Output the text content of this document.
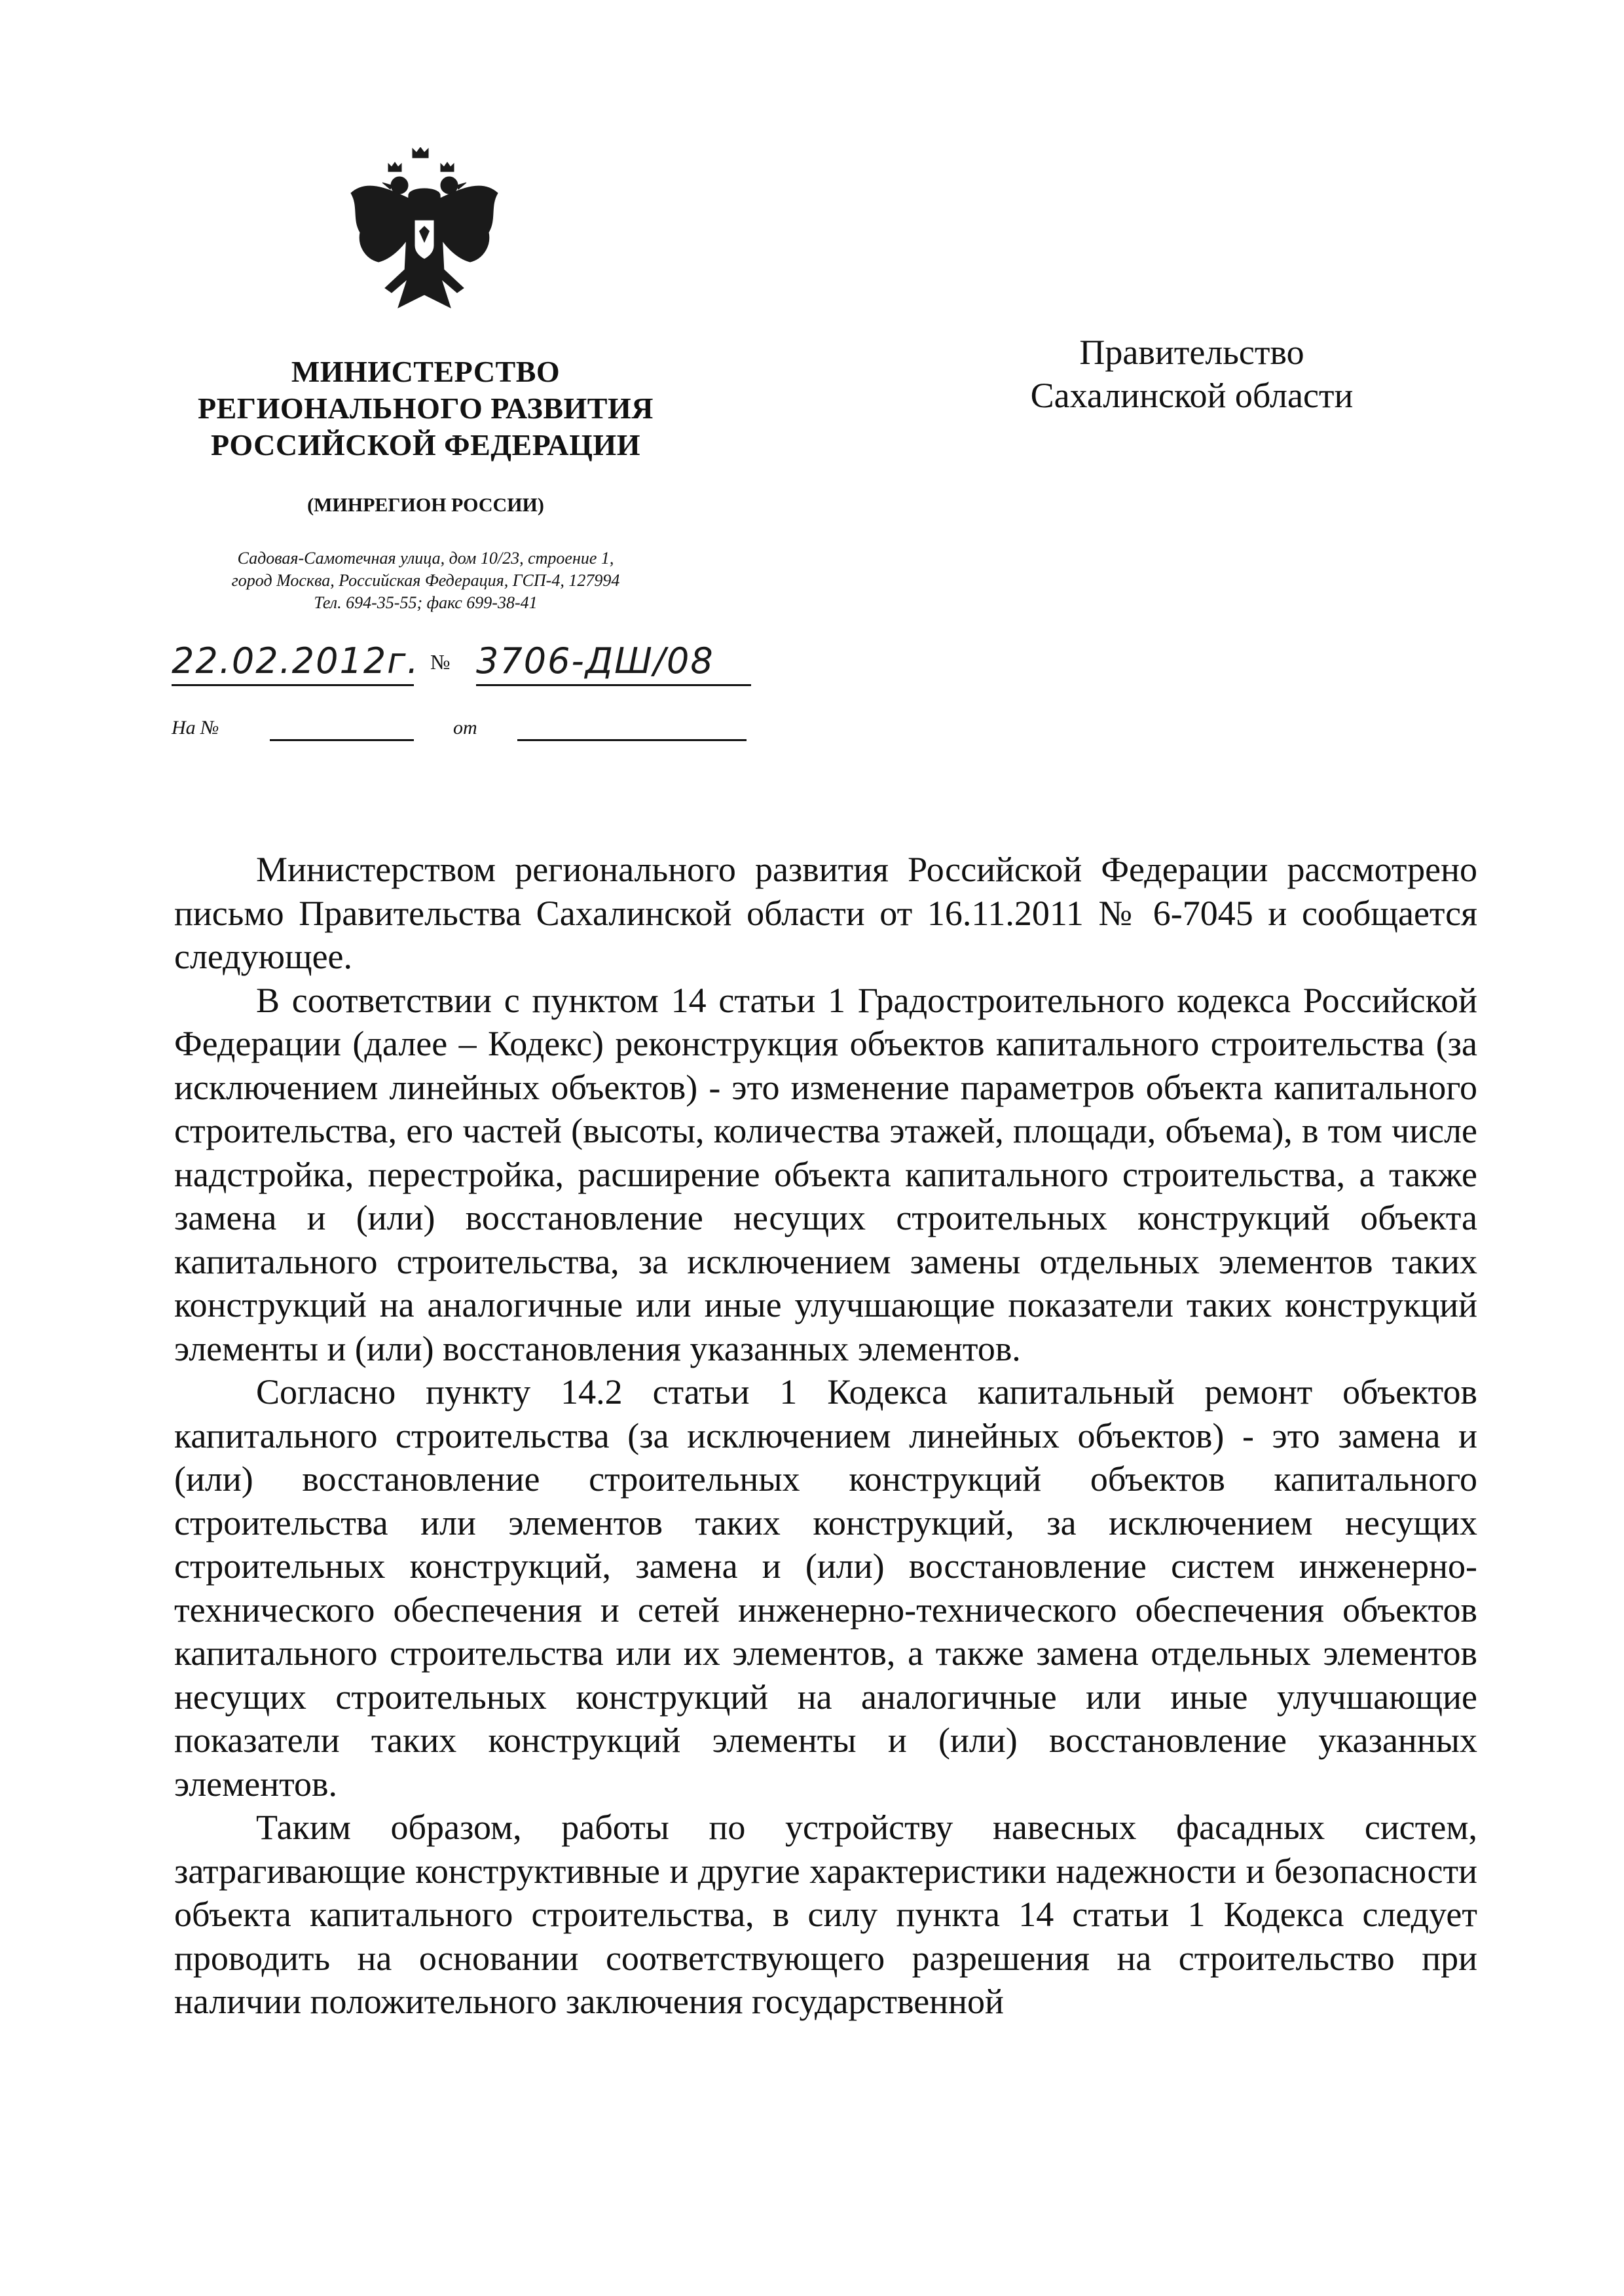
МИНИСТЕРСТВО
РЕГИОНАЛЬНОГО РАЗВИТИЯ
РОССИЙСКОЙ ФЕДЕРАЦИИ
(МИНРЕГИОН РОССИИ)
Садовая-Самотечная улица, дом 10/23, строение 1,
город Москва, Российская Федерация, ГСП-4, 127994
Тел. 694-35-55; факс 699-38-41
22.02.2012г. № 3706-ДШ/08
На №	от
Правительство
Сахалинской области

Министерством регионального развития Российской Федерации рассмотрено письмо Правительства Сахалинской области от 16.11.2011 № 6-7045 и сообщается следующее.

В соответствии с пунктом 14 статьи 1 Градостроительного кодекса Российской Федерации (далее – Кодекс) реконструкция объектов капитального строительства (за исключением линейных объектов) - это изменение параметров объекта капитального строительства, его частей (высоты, количества этажей, площади, объема), в том числе надстройка, перестройка, расширение объекта капитального строительства, а также замена и (или) восстановление несущих строительных конструкций объекта капитального строительства, за исключением замены отдельных элементов таких конструкций на аналогичные или иные улучшающие показатели таких конструкций элементы и (или) восстановления указанных элементов.

Согласно пункту 14.2 статьи 1 Кодекса капитальный ремонт объектов капитального строительства (за исключением линейных объектов) - это замена и (или) восстановление строительных конструкций объектов капитального строительства или элементов таких конструкций, за исключением несущих строительных конструкций, замена и (или) восстановление систем инженерно-технического обеспечения и сетей инженерно-технического обеспечения объектов капитального строительства или их элементов, а также замена отдельных элементов несущих строительных конструкций на аналогичные или иные улучшающие показатели таких конструкций элементы и (или) восстановление указанных элементов.

Таким образом, работы по устройству навесных фасадных систем, затрагивающие конструктивные и другие характеристики надежности и безопасности объекта капитального строительства, в силу пункта 14 статьи 1 Кодекса следует проводить на основании соответствующего разрешения на строительство при наличии положительного заключения государственной
